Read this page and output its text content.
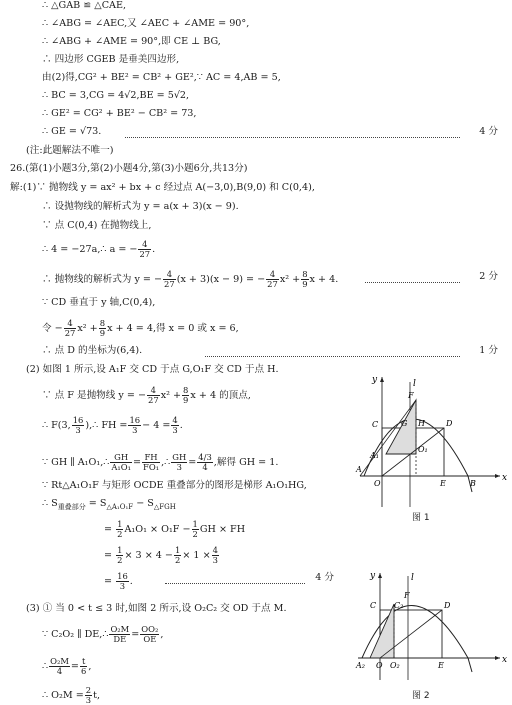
∴ △GAB ≌ △CAE,
∴ ∠ABG = ∠AEC,又 ∠AEC + ∠AME = 90°,
∴ ∠ABG + ∠AME = 90°,即 CE ⊥ BG,
∴ 四边形 CGEB 是垂美四边形,
由(2)得,CG² + BE² = CB² + GE²,∵ AC = 4,AB = 5,
∴ BC = 3,CG = 4√2,BE = 5√2,
∴ GE² = CG² + BE² − CB² = 73,
∴ GE = √73.	4 分
(注:此题解法不唯一)
26.(第(1)小题3分,第(2)小题4分,第(3)小题6分,共13分)
解:(1)∵ 抛物线 y = ax² + bx + c 经过点 A(−3,0),B(9,0) 和 C(0,4),
∴ 设抛物线的解析式为 y = a(x + 3)(x − 9).
∵ 点 C(0,4) 在抛物线上,
∴ 4 = −27a,∴ a = − $\frac{4}{27}$ .
∴ 抛物线的解析式为 y = − $\frac{4}{27} (x + 3)(x - 9)$ = − $\frac{4}{27} x^2 + \frac{8}{9}$ x + 4.	2 分
∵ CD 垂直于 y 轴,C(0,4),
令 − $\frac{4}{27} x^2 + \frac{8}{9}$ x + 4 = 4,得 x = 0 或 x = 6,
∴ 点 D 的坐标为(6,4).	1 分
(2) 如图 1 所示,设 A₁F 交 CD 于点 G,O₁F 交 CD 于点 H.
∵ 点 F 是抛物线 y = − $\frac{4}{27} x^2 + \frac{8}{9}$ x + 4 的顶点,
∴ F(3, $\frac{16}{3}$ ),∴ FH = $\frac{16}{3} - 4 = \frac{4}{3}$ .
∵ GH ∥ A₁O₁,∴ $\frac{GH}{\text{A₁O₁}} = \frac{FH}{\text{FO₁}}$ ,∴ $\frac{GH}{3} = \frac{4/3}{4}$ ,解得 GH = 1.
∵ Rt△A₁O₁F 与矩形 OCDE 重叠部分的图形是梯形 A₁O₁HG,
∴ $S_{重叠部分} = S_{\triangle A_1O_1F} - S_{\triangle FGH}$
= $\frac{1}{2} A_1O_1 \times O_1F - \frac{1}{2}$ GH × FH
= $\frac{1}{2} \times 3 \times 4 - \frac{1}{2} \times 1 \times \frac{4}{3}$
= $\frac{16}{3}$ .	4 分
(3) ① 当 0 < t ≤ 3 时,如图 2 所示,设 O₂C₂ 交 OD 于点 M.
∵ C₂O₂ ∥ DE,∴ $\frac{\text{O₂M}}{DE} = \frac{\text{OO₂}}{OE}$ ,
∴ $\frac{\text{O₂M}}{4} = \frac{t}{6}$ ,
∴ $O_2M = \frac{2}{3} t$,
y
x
l
F
C	G H	D
A₁
O₁
A
O	E	B
图 1
y
x
l
F
C C₂	D
A₂ O O₂	E
图 2
